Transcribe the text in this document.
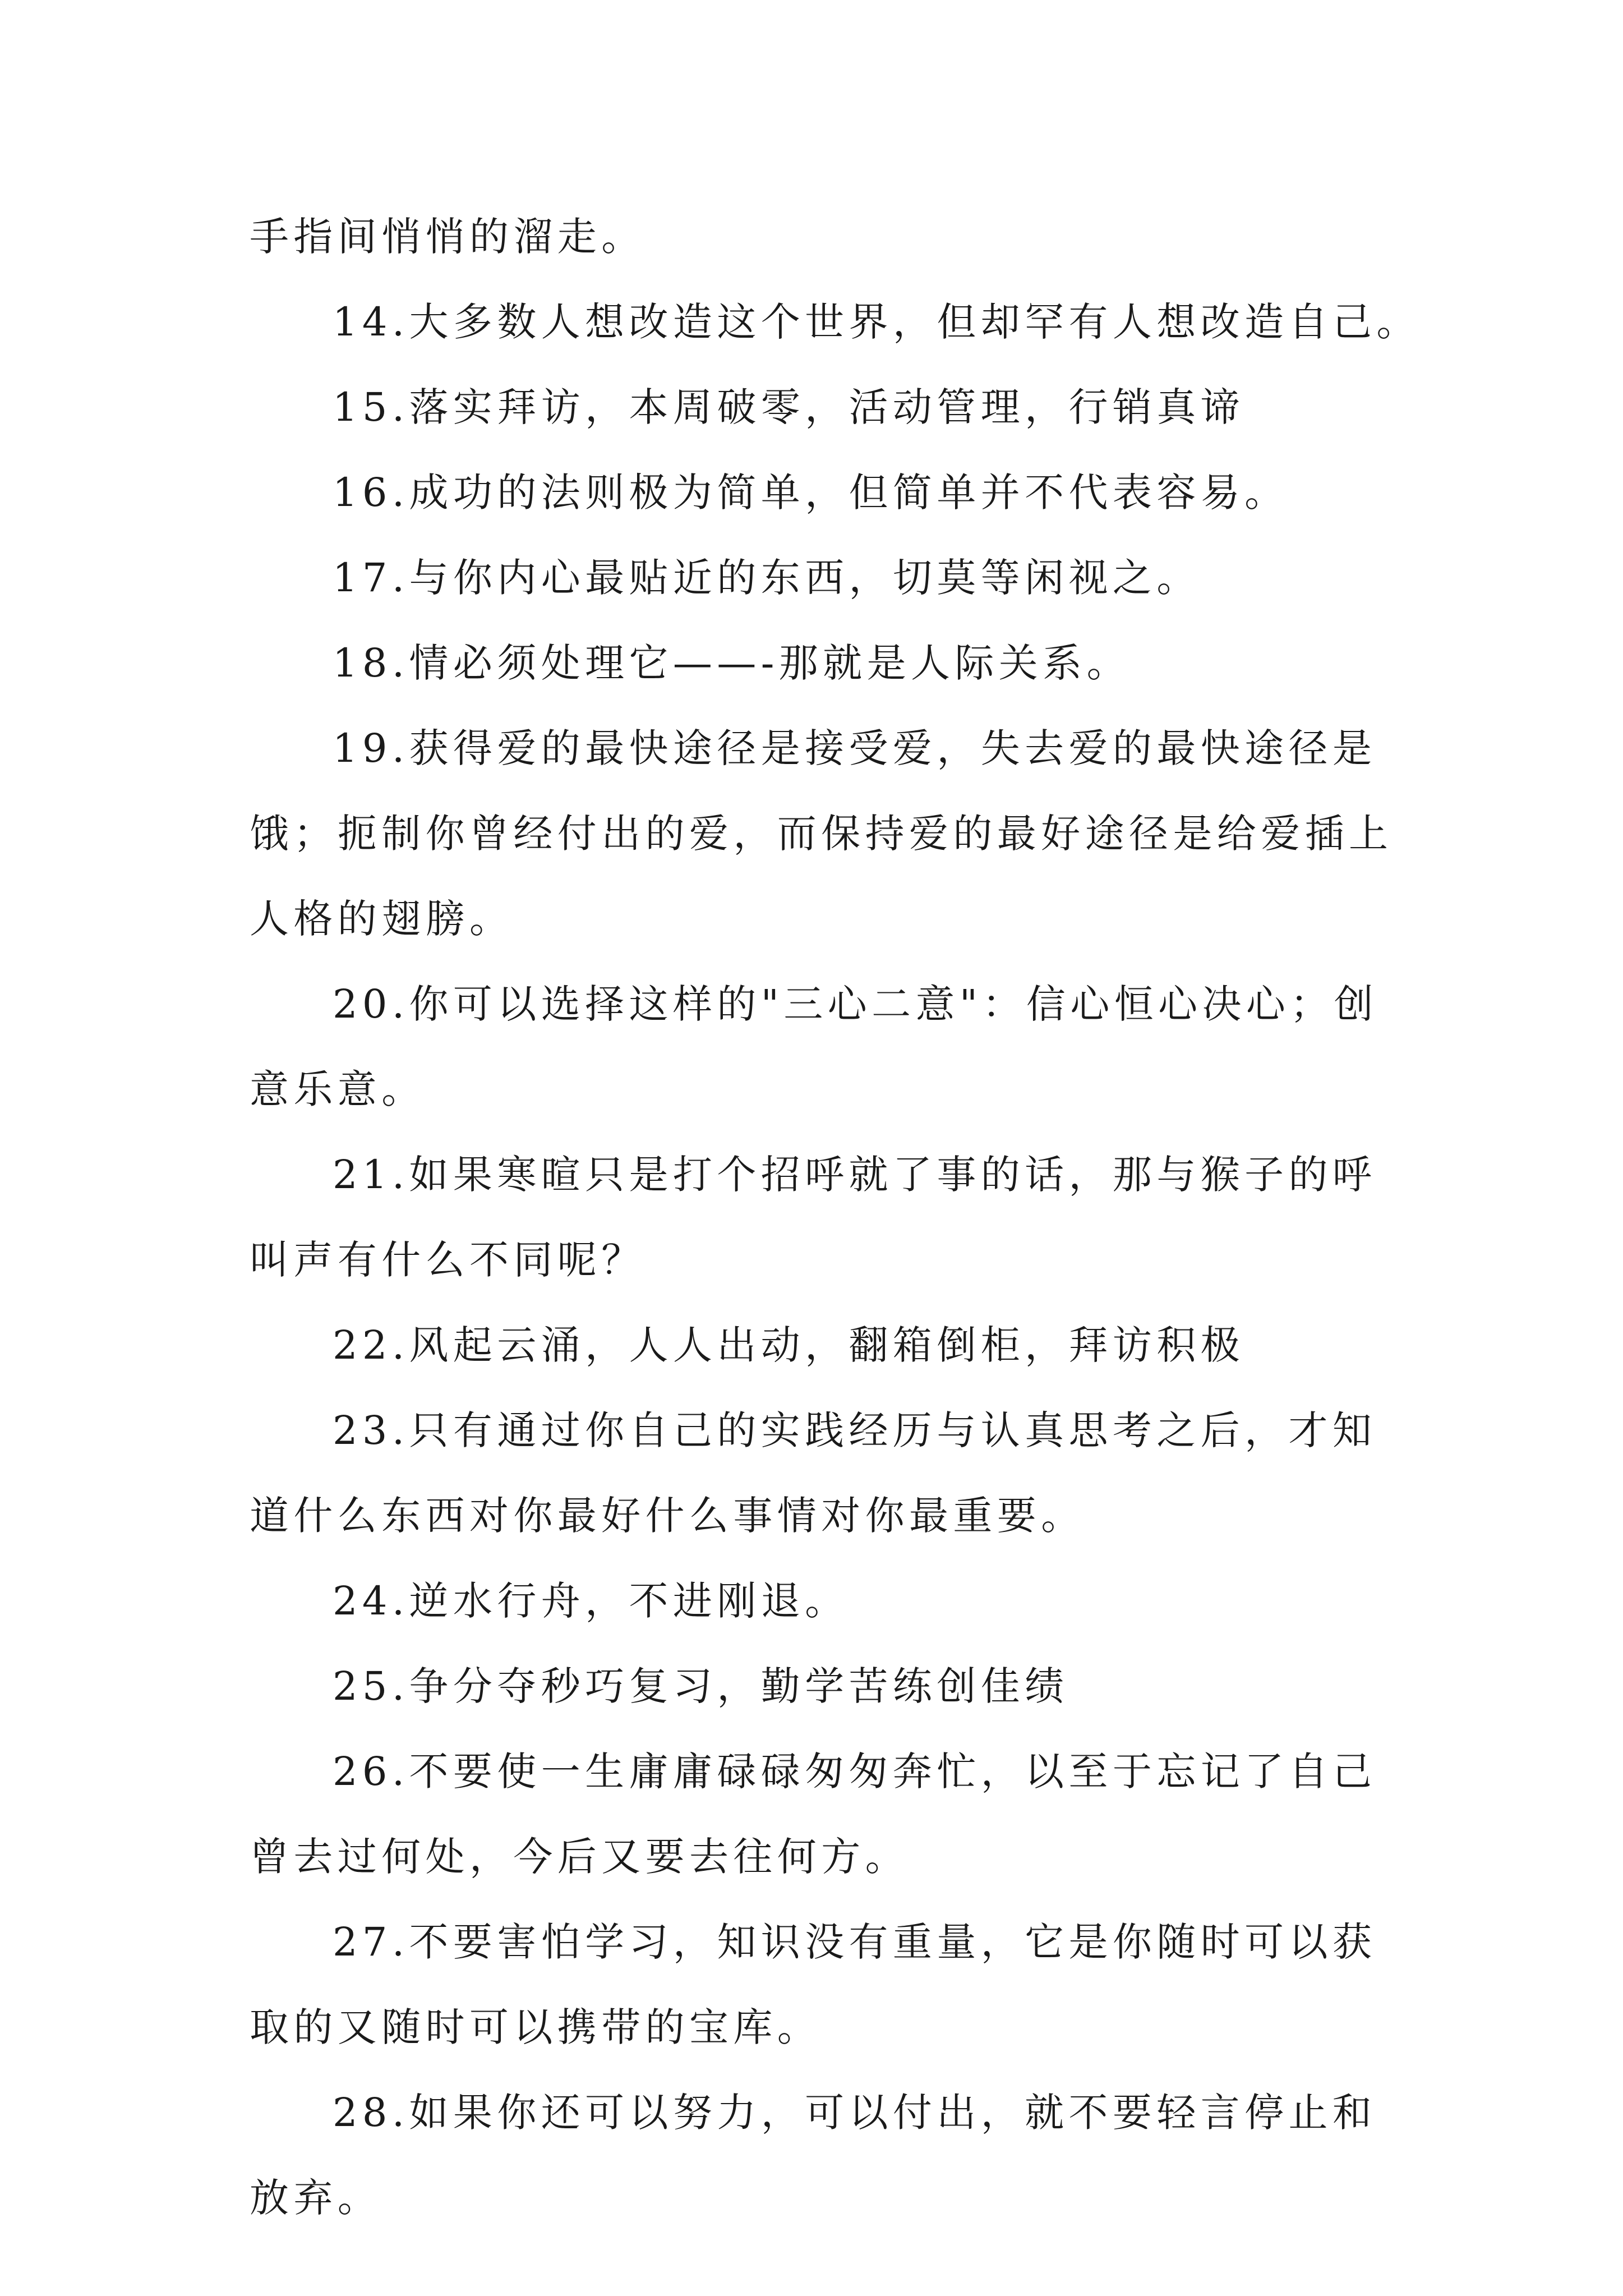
手指间悄悄的溜走。

14.大多数人想改造这个世界，但却罕有人想改造自己。

15.落实拜访，本周破零，活动管理，行销真谛

16.成功的法则极为简单，但简单并不代表容易。

17.与你内心最贴近的东西，切莫等闲视之。

18.情必须处理它——-那就是人际关系。

19.获得爱的最快途径是接受爱，失去爱的最快途径是

饿；扼制你曾经付出的爱，而保持爱的最好途径是给爱插上

人格的翅膀。

20.你可以选择这样的"三心二意"：信心恒心决心；创

意乐意。

21.如果寒暄只是打个招呼就了事的话，那与猴子的呼

叫声有什么不同呢？

22.风起云涌，人人出动，翻箱倒柜，拜访积极

23.只有通过你自己的实践经历与认真思考之后，才知

道什么东西对你最好什么事情对你最重要。

24.逆水行舟，不进刚退。

25.争分夺秒巧复习，勤学苦练创佳绩

26.不要使一生庸庸碌碌匆匆奔忙，以至于忘记了自己

曾去过何处，今后又要去往何方。

27.不要害怕学习，知识没有重量，它是你随时可以获

取的又随时可以携带的宝库。

28.如果你还可以努力，可以付出，就不要轻言停止和

放弃。
